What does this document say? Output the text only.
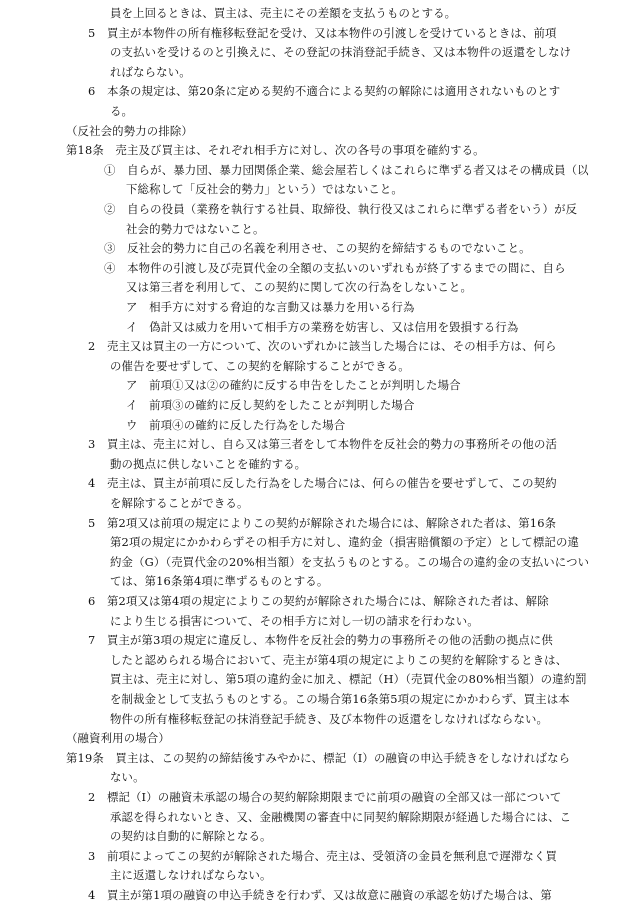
員を上回るときは、買主は、売主にその差額を支払うものとする。
5　買主が本物件の所有権移転登記を受け、又は本物件の引渡しを受けているときは、前項
の支払いを受けるのと引換えに、その登記の抹消登記手続き、又は本物件の返還をしなけ
ればならない。
6　本条の規定は、第20条に定める契約不適合による契約の解除には適用されないものとす
る。
（反社会的勢力の排除）
第18条　売主及び買主は、それぞれ相手方に対し、次の各号の事項を確約する。
①　自らが、暴力団、暴力団関係企業、総会屋若しくはこれらに準ずる者又はその構成員（以
下総称して「反社会的勢力」という）ではないこと。
②　自らの役員（業務を執行する社員、取締役、執行役又はこれらに準ずる者をいう）が反
社会的勢力ではないこと。
③　反社会的勢力に自己の名義を利用させ、この契約を締結するものでないこと。
④　本物件の引渡し及び売買代金の全額の支払いのいずれもが終了するまでの間に、自ら
又は第三者を利用して、この契約に関して次の行為をしないこと。
ア　相手方に対する脅迫的な言動又は暴力を用いる行為
イ　偽計又は威力を用いて相手方の業務を妨害し、又は信用を毀損する行為
2　売主又は買主の一方について、次のいずれかに該当した場合には、その相手方は、何ら
の催告を要せずして、この契約を解除することができる。
ア　前項①又は②の確約に反する申告をしたことが判明した場合
イ　前項③の確約に反し契約をしたことが判明した場合
ウ　前項④の確約に反した行為をした場合
3　買主は、売主に対し、自ら又は第三者をして本物件を反社会的勢力の事務所その他の活
動の拠点に供しないことを確約する。
4　売主は、買主が前項に反した行為をした場合には、何らの催告を要せずして、この契約
を解除することができる。
5　第2項又は前項の規定によりこの契約が解除された場合には、解除された者は、第16条
第2項の規定にかかわらずその相手方に対し、違約金（損害賠償額の予定）として標記の違
約金（G）（売買代金の20%相当額）を支払うものとする。この場合の違約金の支払いについ
ては、第16条第4項に準ずるものとする。
6　第2項又は第4項の規定によりこの契約が解除された場合には、解除された者は、解除
により生じる損害について、その相手方に対し一切の請求を行わない。
7　買主が第3項の規定に違反し、本物件を反社会的勢力の事務所その他の活動の拠点に供
したと認められる場合において、売主が第4項の規定によりこの契約を解除するときは、
買主は、売主に対し、第5項の違約金に加え、標記（H）（売買代金の80%相当額）の違約罰
を制裁金として支払うものとする。この場合第16条第5項の規定にかかわらず、買主は本
物件の所有権移転登記の抹消登記手続き、及び本物件の返還をしなければならない。
（融資利用の場合）
第19条　買主は、この契約の締結後すみやかに、標記（I）の融資の申込手続きをしなければなら
ない。
2　標記（I）の融資未承認の場合の契約解除期限までに前項の融資の全部又は一部について
承認を得られないとき、又、金融機関の審査中に同契約解除期限が経過した場合には、こ
の契約は自動的に解除となる。
3　前項によってこの契約が解除された場合、売主は、受領済の金員を無利息で遅滞なく買
主に返還しなければならない。
4　買主が第1項の融資の申込手続きを行わず、又は故意に融資の承認を妨げた場合は、第
